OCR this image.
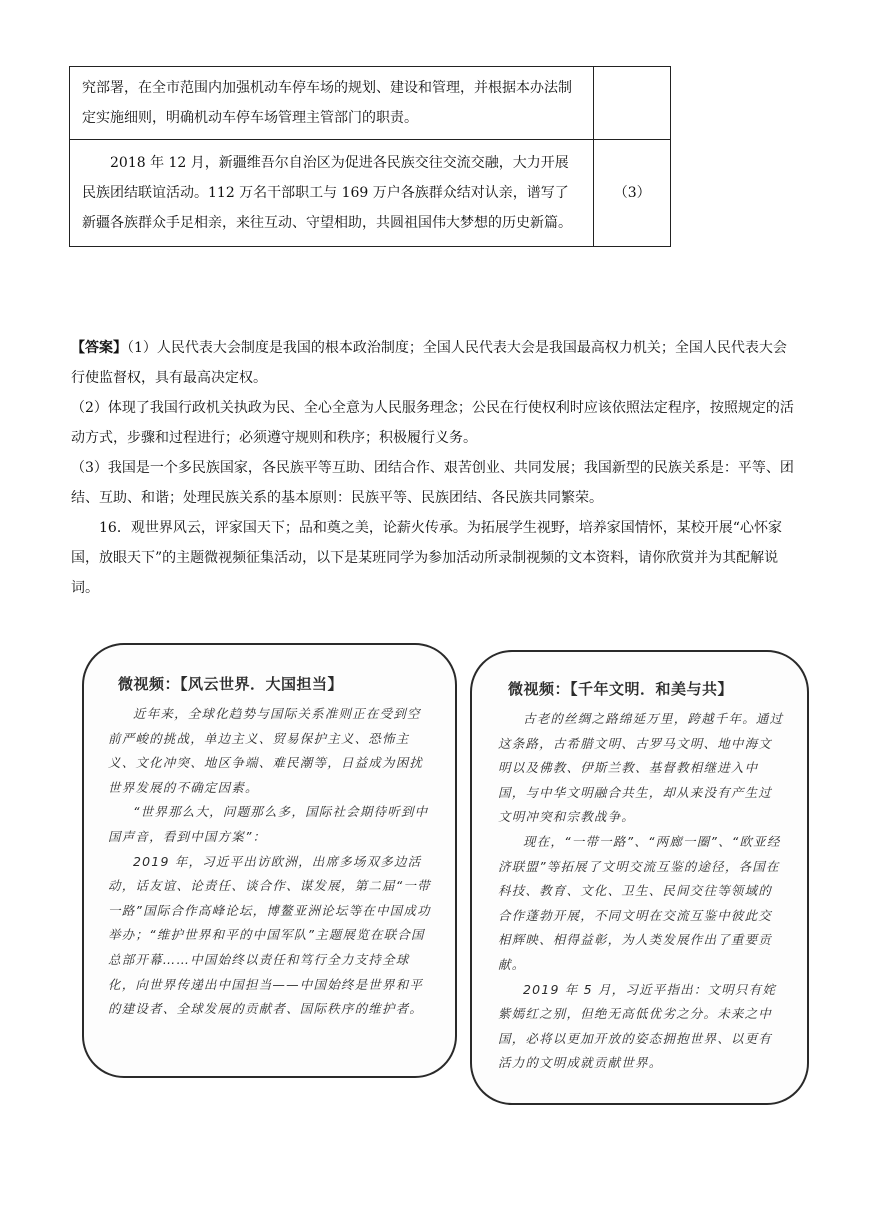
究部署，在全市范围内加强机动车停车场的规划、建设和管理，并根据本办法制定实施细则，明确机动车停车场管理主管部门的职责。	

2018 年 12 月，新疆维吾尔自治区为促进各民族交往交流交融，大力开展民族团结联谊活动。112 万名干部职工与 169 万户各族群众结对认亲，谱写了新疆各族群众手足相亲，来往互动、守望相助，共圆祖国伟大梦想的历史新篇。	（3）

【答案】（1）人民代表大会制度是我国的根本政治制度；全国人民代表大会是我国最高权力机关；全国人民代表大会行使监督权，具有最高决定权。

（2）体现了我国行政机关执政为民、全心全意为人民服务理念；公民在行使权利时应该依照法定程序，按照规定的活动方式，步骤和过程进行；必须遵守规则和秩序；积极履行义务。

（3）我国是一个多民族国家，各民族平等互助、团结合作、艰苦创业、共同发展；我国新型的民族关系是：平等、团结、互助、和谐；处理民族关系的基本原则：民族平等、民族团结、各民族共同繁荣。

16．观世界风云，评家国天下；品和奠之美，论薪火传承。为拓展学生视野，培养家国情怀，某校开展“心怀家国，放眼天下”的主题微视频征集活动，以下是某班同学为参加活动所录制视频的文本资料，请你欣赏并为其配解说词。

微视频：【风云世界．大国担当】

近年来，全球化趋势与国际关系准则正在受到空前严峻的挑战，单边主义、贸易保护主义、恐怖主义、文化冲突、地区争端、难民潮等，日益成为困扰世界发展的不确定因素。

“世界那么大，问题那么多，国际社会期待听到中国声音，看到中国方案”：

2019 年，习近平出访欧洲，出席多场双多边活动，话友谊、论责任、谈合作、谋发展，第二届“一带一路”国际合作高峰论坛，博鳌亚洲论坛等在中国成功举办；“维护世界和平的中国军队”主题展览在联合国总部开幕……中国始终以责任和笃行全力支持全球化，向世界传递出中国担当——中国始终是世界和平的建设者、全球发展的贡献者、国际秩序的维护者。

微视频：【千年文明．和美与共】

古老的丝绸之路绵延万里，跨越千年。通过这条路，古希腊文明、古罗马文明、地中海文明以及佛教、伊斯兰教、基督教相继进入中国，与中华文明融合共生，却从来没有产生过文明冲突和宗教战争。

现在，“一带一路”、“两廊一圈”、“欧亚经济联盟”等拓展了文明交流互鉴的途径，各国在科技、教育、文化、卫生、民间交往等领域的合作蓬勃开展，不同文明在交流互鉴中彼此交相辉映、相得益彰，为人类发展作出了重要贡献。

2019 年 5 月，习近平指出：文明只有姹紫嫣红之别，但绝无高低优劣之分。未来之中国，必将以更加开放的姿态拥抱世界、以更有活力的文明成就贡献世界。
